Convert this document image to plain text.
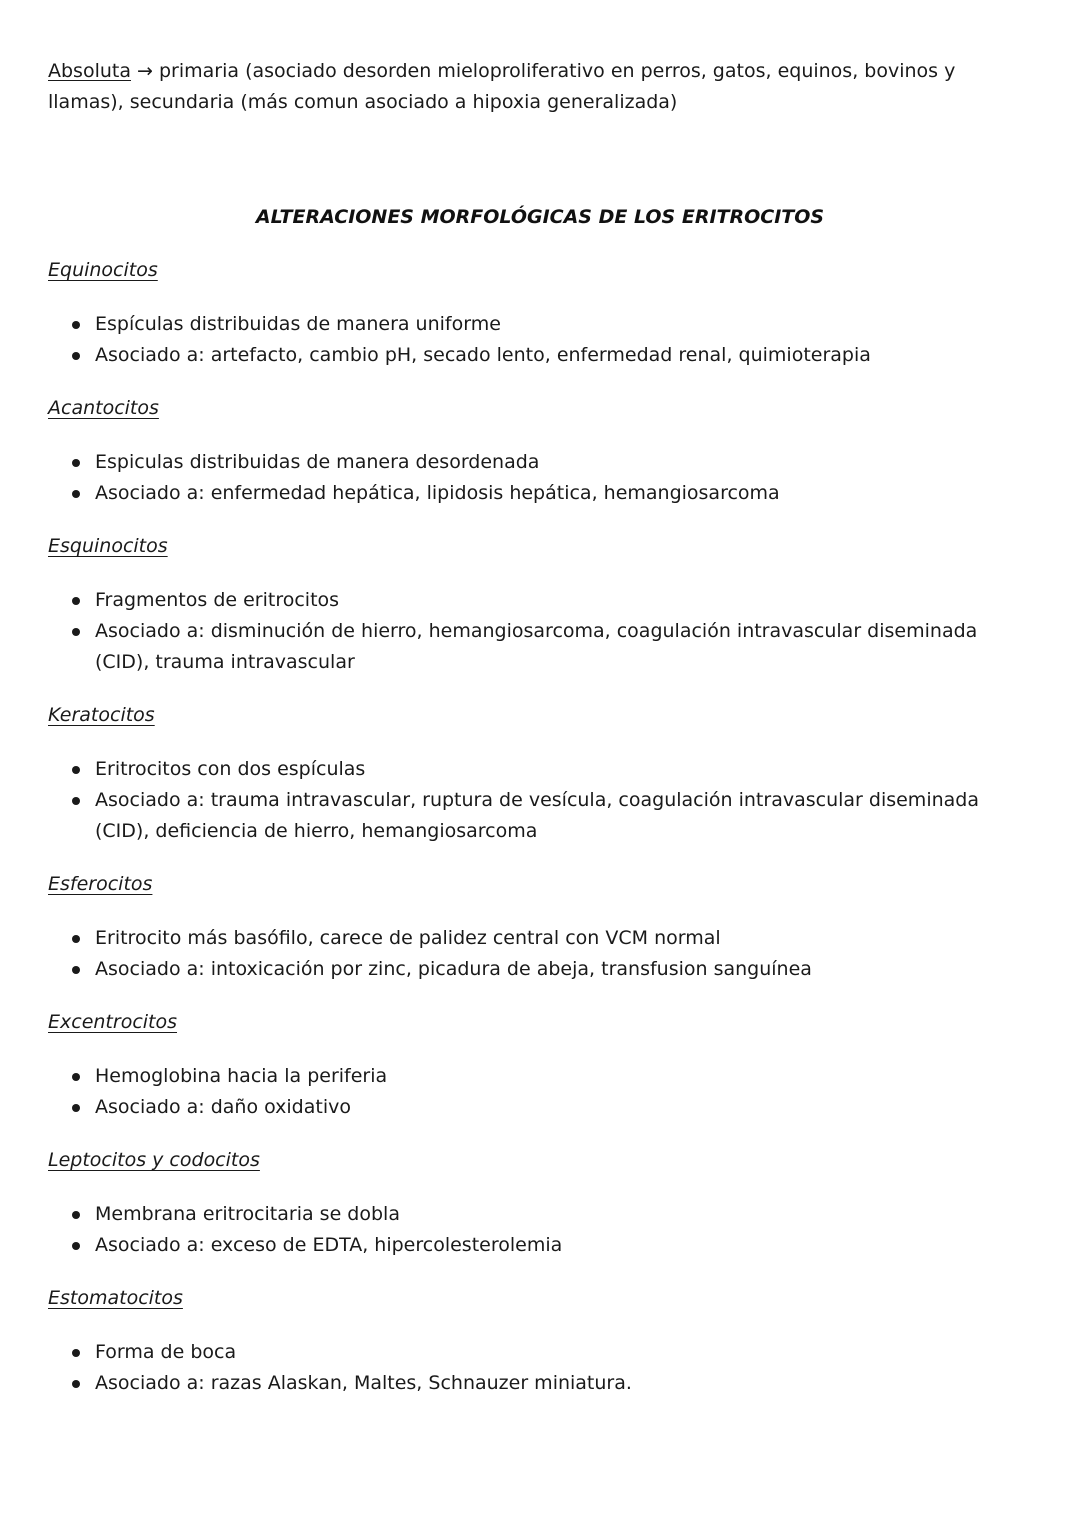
Absoluta → primaria (asociado desorden mieloproliferativo en perros, gatos, equinos, bovinos y llamas), secundaria (más comun asociado a hipoxia generalizada)

ALTERACIONES MORFOLÓGICAS DE LOS ERITROCITOS
Equinocitos
Espículas distribuidas de manera uniforme
Asociado a: artefacto, cambio pH, secado lento, enfermedad renal, quimioterapia
Acantocitos
Espiculas distribuidas de manera desordenada
Asociado a: enfermedad hepática, lipidosis hepática, hemangiosarcoma
Esquinocitos
Fragmentos de eritrocitos
Asociado a: disminución de hierro, hemangiosarcoma, coagulación intravascular diseminada (CID), trauma intravascular
Keratocitos
Eritrocitos con dos espículas
Asociado a: trauma intravascular, ruptura de vesícula, coagulación intravascular diseminada (CID), deficiencia de hierro, hemangiosarcoma
Esferocitos
Eritrocito más basófilo, carece de palidez central con VCM normal
Asociado a: intoxicación por zinc, picadura de abeja, transfusion sanguínea
Excentrocitos
Hemoglobina hacia la periferia
Asociado a: daño oxidativo
Leptocitos y codocitos
Membrana eritrocitaria se dobla
Asociado a: exceso de EDTA, hipercolesterolemia
Estomatocitos
Forma de boca
Asociado a: razas Alaskan, Maltes, Schnauzer miniatura.
